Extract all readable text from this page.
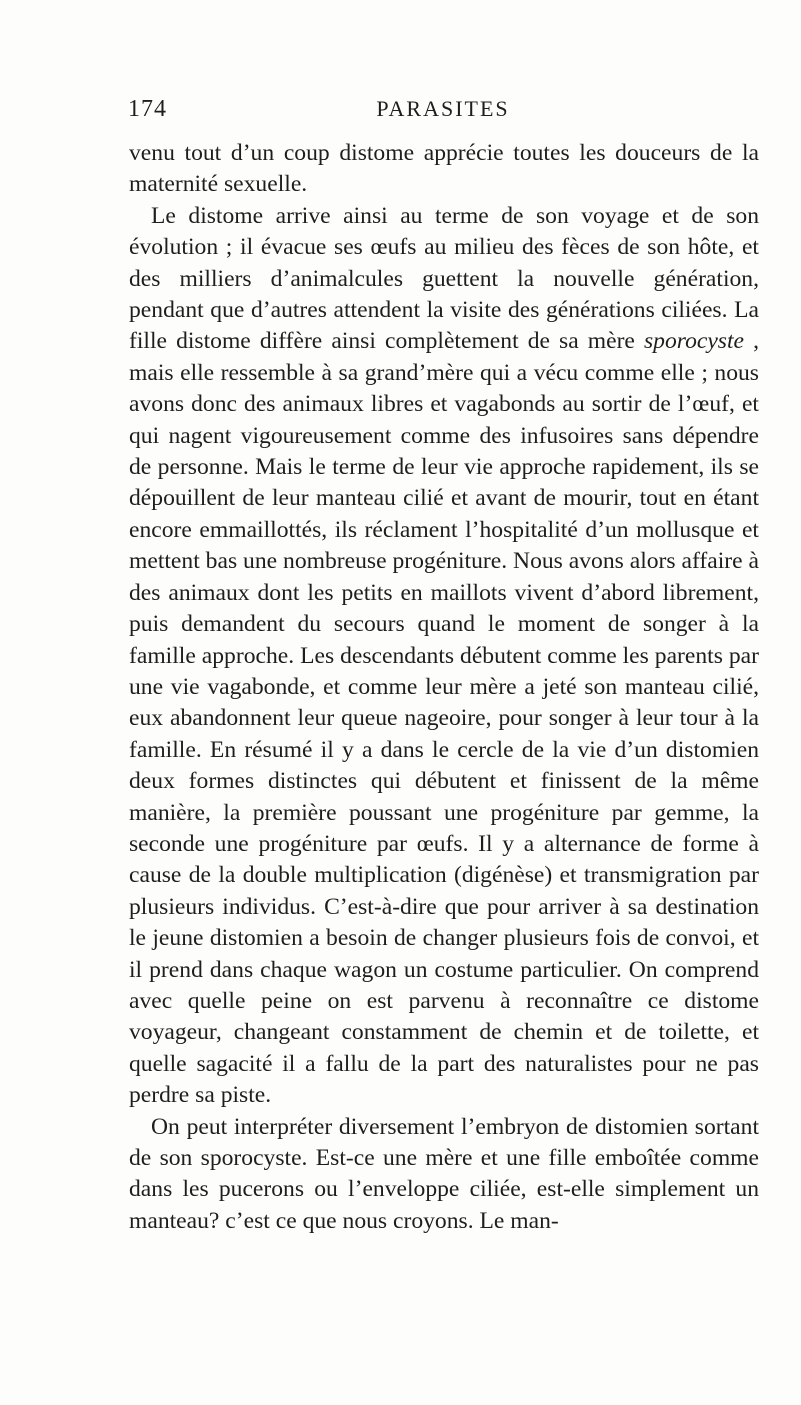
174	PARASITES

venu tout d’un coup distome apprécie toutes les douceurs de la maternité sexuelle.

Le distome arrive ainsi au terme de son voyage et de son évolution ; il évacue ses œufs au milieu des fèces de son hôte, et des milliers d’animalcules guettent la nouvelle génération, pendant que d’autres attendent la visite des générations ciliées. La fille distome diffère ainsi complètement de sa mère sporocyste , mais elle ressemble à sa grand’mère qui a vécu comme elle ; nous avons donc des animaux libres et vagabonds au sortir de l’œuf, et qui nagent vigoureusement comme des infusoires sans dépendre de personne. Mais le terme de leur vie approche rapidement, ils se dépouillent de leur manteau cilié et avant de mourir, tout en étant encore emmaillottés, ils réclament l’hospitalité d’un mollusque et mettent bas une nombreuse progéniture. Nous avons alors affaire à des animaux dont les petits en maillots vivent d’abord librement, puis demandent du secours quand le moment de songer à la famille approche. Les descendants débutent comme les parents par une vie vagabonde, et comme leur mère a jeté son manteau cilié, eux abandonnent leur queue nageoire, pour songer à leur tour à la famille. En résumé il y a dans le cercle de la vie d’un distomien deux formes distinctes qui débutent et finissent de la même manière, la première poussant une progéniture par gemme, la seconde une progéniture par œufs. Il y a alternance de forme à cause de la double multiplication (digénèse) et transmigration par plusieurs individus. C’est-à-dire que pour arriver à sa destination le jeune distomien a besoin de changer plusieurs fois de convoi, et il prend dans chaque wagon un costume particulier. On comprend avec quelle peine on est parvenu à reconnaître ce distome voyageur, changeant constamment de chemin et de toilette, et quelle sagacité il a fallu de la part des naturalistes pour ne pas perdre sa piste.

On peut interpréter diversement l’embryon de distomien sortant de son sporocyste. Est-ce une mère et une fille emboîtée comme dans les pucerons ou l’enveloppe ciliée, est-elle simplement un manteau? c’est ce que nous croyons. Le man-
